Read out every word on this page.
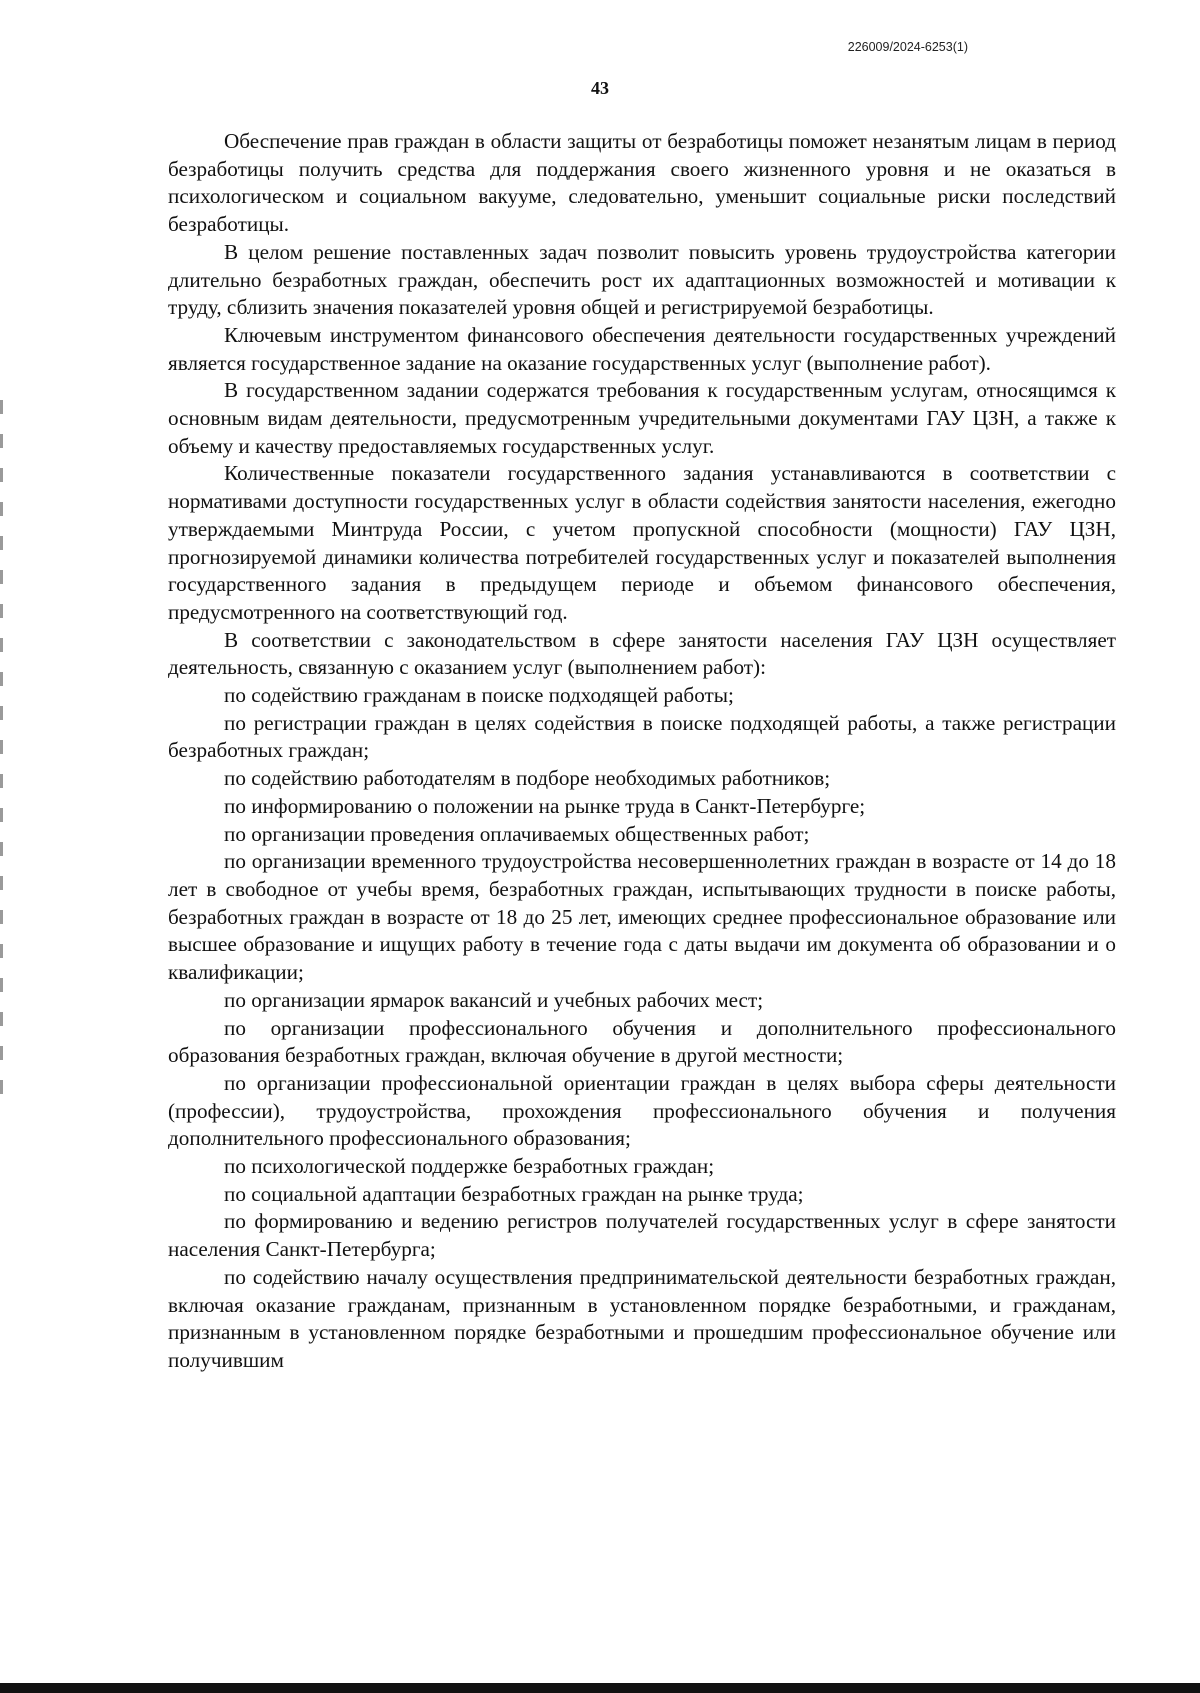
226009/2024-6253(1)
43

Обеспечение прав граждан в области защиты от безработицы поможет незанятым лицам в период безработицы получить средства для поддержания своего жизненного уровня и не оказаться в психологическом и социальном вакууме, следовательно, уменьшит социальные риски последствий безработицы.

В целом решение поставленных задач позволит повысить уровень трудоустройства категории длительно безработных граждан, обеспечить рост их адаптационных возможностей и мотивации к труду, сблизить значения показателей уровня общей и регистрируемой безработицы.

Ключевым инструментом финансового обеспечения деятельности государственных учреждений является государственное задание на оказание государственных услуг (выполнение работ).

В государственном задании содержатся требования к государственным услугам, относящимся к основным видам деятельности, предусмотренным учредительными документами ГАУ ЦЗН, а также к объему и качеству предоставляемых государственных услуг.

Количественные показатели государственного задания устанавливаются в соответствии с нормативами доступности государственных услуг в области содействия занятости населения, ежегодно утверждаемыми Минтруда России, с учетом пропускной способности (мощности) ГАУ ЦЗН, прогнозируемой динамики количества потребителей государственных услуг и показателей выполнения государственного задания в предыдущем периоде и объемом финансового обеспечения, предусмотренного на соответствующий год.

В соответствии с законодательством в сфере занятости населения ГАУ ЦЗН осуществляет деятельность, связанную с оказанием услуг (выполнением работ):

по содействию гражданам в поиске подходящей работы;

по регистрации граждан в целях содействия в поиске подходящей работы, а также регистрации безработных граждан;

по содействию работодателям в подборе необходимых работников;

по информированию о положении на рынке труда в Санкт-Петербурге;

по организации проведения оплачиваемых общественных работ;

по организации временного трудоустройства несовершеннолетних граждан в возрасте от 14 до 18 лет в свободное от учебы время, безработных граждан, испытывающих трудности в поиске работы, безработных граждан в возрасте от 18 до 25 лет, имеющих среднее профессиональное образование или высшее образование и ищущих работу в течение года с даты выдачи им документа об образовании и о квалификации;

по организации ярмарок вакансий и учебных рабочих мест;

по организации профессионального обучения и дополнительного профессионального образования безработных граждан, включая обучение в другой местности;

по организации профессиональной ориентации граждан в целях выбора сферы деятельности (профессии), трудоустройства, прохождения профессионального обучения и получения дополнительного профессионального образования;

по психологической поддержке безработных граждан;

по социальной адаптации безработных граждан на рынке труда;

по формированию и ведению регистров получателей государственных услуг в сфере занятости населения Санкт-Петербурга;

по содействию началу осуществления предпринимательской деятельности безработных граждан, включая оказание гражданам, признанным в установленном порядке безработными, и гражданам, признанным в установленном порядке безработными и прошедшим профессиональное обучение или получившим
